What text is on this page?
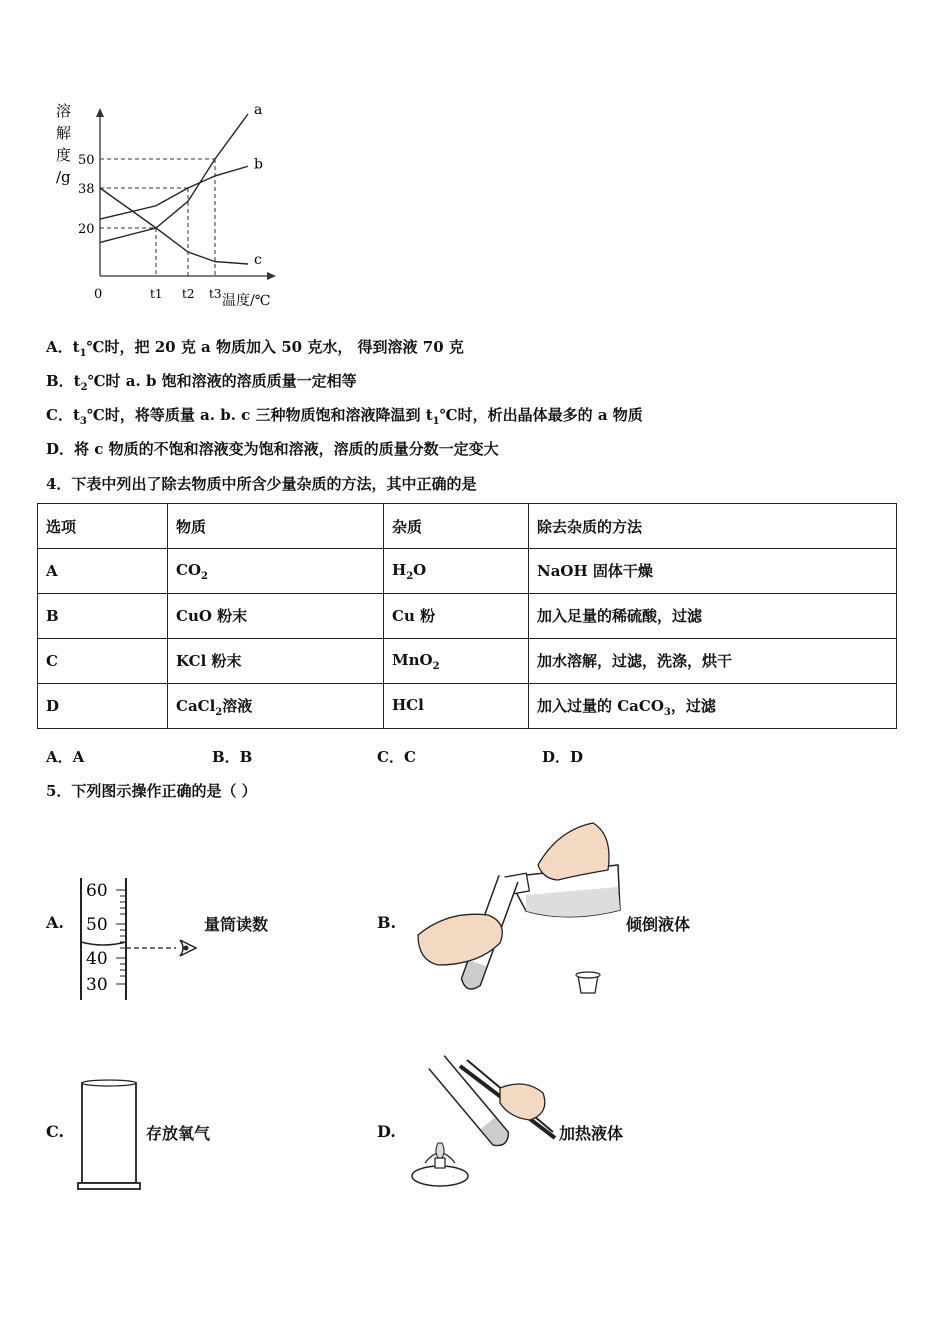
溶解度/g
20
38
50
t1 t2 t3
a
b
c
0	温度/℃
A．$t_1℃$时，把 20 克 a 物质加入 50 克水， 得到溶液 70 克
B．$t_2℃$时 a. b 饱和溶液的溶质质量一定相等
C．$t_3℃$时，将等质量 a. b. c 三种物质饱和溶液降温到 $t_1℃$时，析出晶体最多的 a 物质
D．将 c 物质的不饱和溶液变为饱和溶液，溶质的质量分数一定变大
4．下表中列出了除去物质中所含少量杂质的方法，其中正确的是
选项	物质	杂质	除去杂质的方法
A	$CO_2$	$H_2O$	NaOH 固体干燥
B	CuO 粉末	Cu 粉	加入足量的稀硫酸，过滤
C	KCl 粉末	MnO$_2$	加水溶解，过滤，洗涤，烘干
D	CaCl$_2$溶液	HCl	加入过量的 CaCO$_3$，过滤
A．A	B．B	C．C	D．D
5．下列图示操作正确的是（ ）
A.
60
50
40
30
量筒读数	B.	倾倒液体
C.	存放氧气	D.	加热液体
